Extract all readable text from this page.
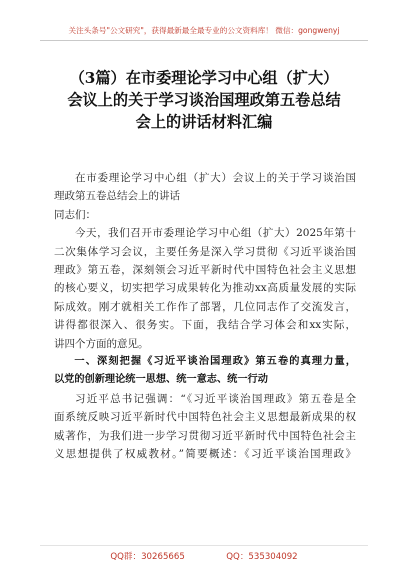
关注头条号"公文研究"，获得最新最全最专业的公文资料库！ 微信：gongwenyj
（3篇）在市委理论学习中心组（扩大）
会议上的关于学习谈治国理政第五卷总结
会上的讲话材料汇编

在市委理论学习中心组（扩大）会议上的关于学习谈治国
理政第五卷总结会上的讲话

同志们：

今天，我们召开市委理论学习中心组（扩大）2025年第十
二次集体学习会议，主要任务是深入学习贯彻《习近平谈治国
理政》第五卷，深刻领会习近平新时代中国特色社会主义思想
的核心要义，切实把学习成果转化为推动xx高质量发展的实际
际成效。刚才就相关工作作了部署，几位同志作了交流发言，
讲得都很深入、很务实。下面，我结合学习体会和xx实际，
讲四个方面的意见。

一、深刻把握《习近平谈治国理政》第五卷的真理力量，
以党的创新理论统一思想、统一意志、统一行动

习近平总书记强调：“《习近平谈治国理政》第五卷是全
面系统反映习近平新时代中国特色社会主义思想最新成果的权
威著作，为我们进一步学习贯彻习近平新时代中国特色社会主
义思想提供了权威教材。”简要概述：《习近平谈治国理政》

QQ群：30265665	QQ：535304092
